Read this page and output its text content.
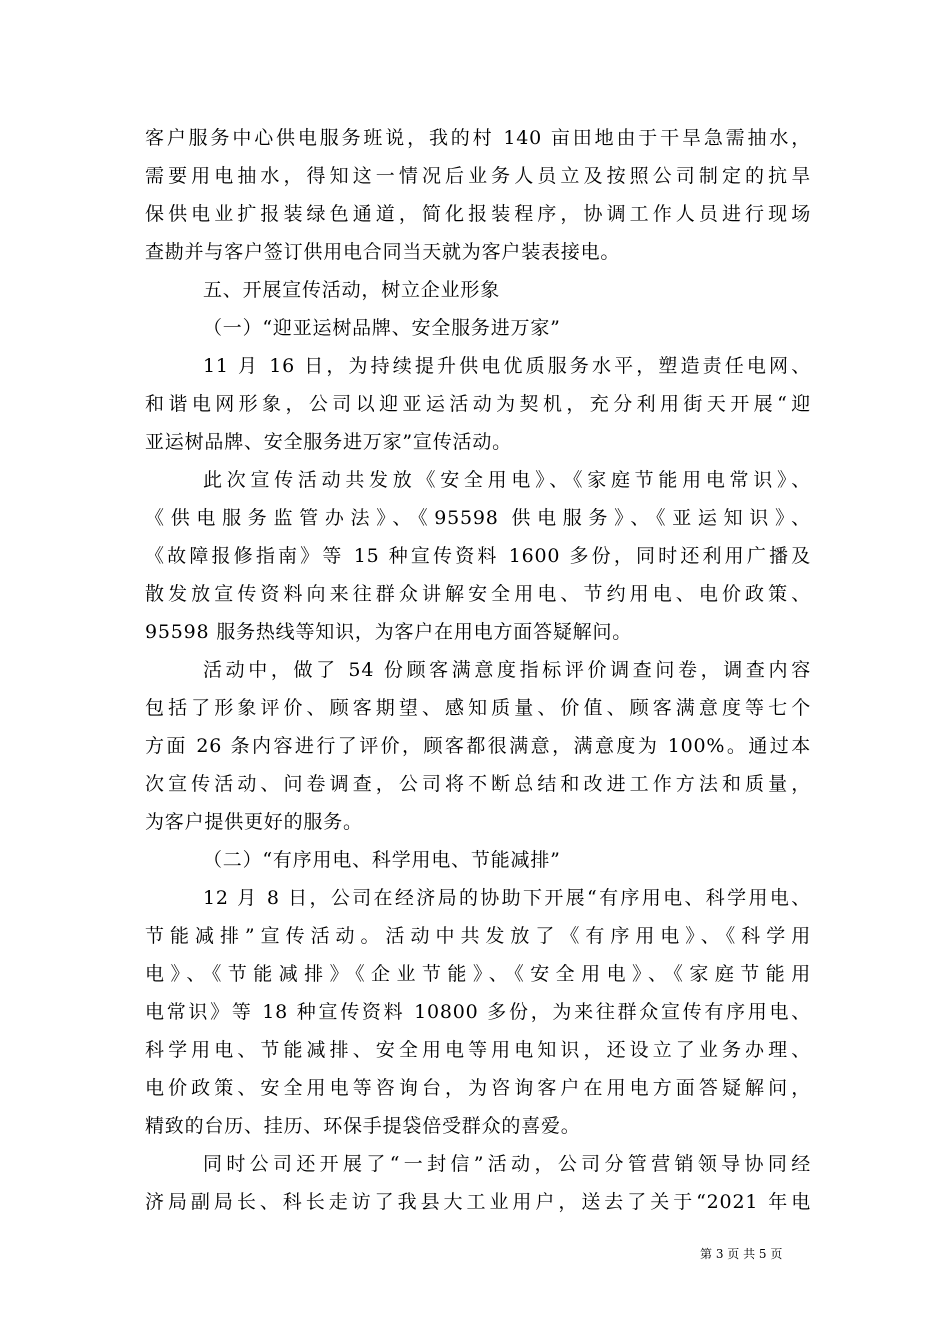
客户服务中心供电服务班说，我的村 140 亩田地由于干旱急需抽水，
需要用电抽水，得知这一情况后业务人员立及按照公司制定的抗旱
保供电业扩报装绿色通道，简化报装程序，协调工作人员进行现场
查勘并与客户签订供用电合同当天就为客户装表接电。
五、开展宣传活动，树立企业形象
（一）“迎亚运树品牌、安全服务进万家”
11 月 16 日，为持续提升供电优质服务水平，塑造责任电网、
和谐电网形象，公司以迎亚运活动为契机，充分利用街天开展“迎
亚运树品牌、安全服务进万家”宣传活动。
此次宣传活动共发放《安全用电》、《家庭节能用电常识》、
《供电服务监管办法》、《95598 供电服务》、《亚运知识》、
《故障报修指南》等 15 种宣传资料 1600 多份，同时还利用广播及
散发放宣传资料向来往群众讲解安全用电、节约用电、电价政策、
95598 服务热线等知识，为客户在用电方面答疑解问。
活动中，做了 54 份顾客满意度指标评价调查问卷，调查内容
包括了形象评价、顾客期望、感知质量、价值、顾客满意度等七个
方面 26 条内容进行了评价，顾客都很满意，满意度为 100%。通过本
次宣传活动、问卷调查，公司将不断总结和改进工作方法和质量，
为客户提供更好的服务。
（二）“有序用电、科学用电、节能减排”
12 月 8 日，公司在经济局的协助下开展“有序用电、科学用电、
节能减排”宣传活动。活动中共发放了《有序用电》、《科学用
电》、《节能减排》《企业节能》、《安全用电》、《家庭节能用
电常识》等 18 种宣传资料 10800 多份，为来往群众宣传有序用电、
科学用电、节能减排、安全用电等用电知识，还设立了业务办理、
电价政策、安全用电等咨询台，为咨询客户在用电方面答疑解问，
精致的台历、挂历、环保手提袋倍受群众的喜爱。
同时公司还开展了“一封信”活动，公司分管营销领导协同经
济局副局长、科长走访了我县大工业用户，送去了关于“2021 年电
第 3 页 共 5 页
